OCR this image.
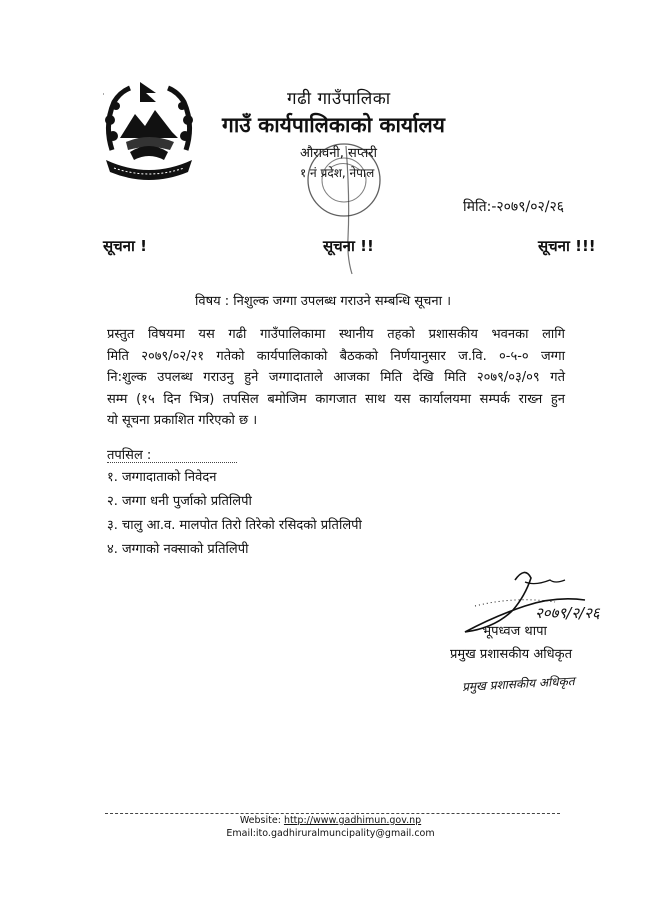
˙	गढी गाउँपालिका
गाउँ कार्यपालिकाको कार्यालय
औरावनी, सप्तरी
१ नं प्रदेश, नेपाल
मिति:-२०७९/०२/२६
सूचना !	सूचना !!	सूचना !!!
विषय : निशुल्क जग्गा उपलब्ध गराउने सम्बन्धि सूचना ।
प्रस्तुत विषयमा यस गढी गाउँपालिकामा स्थानीय तहको प्रशासकीय भवनका लागि
मिति २०७९/०२/२१ गतेको कार्यपालिकाको बैठकको निर्णयानुसार ज.वि. ०-५-० जग्गा
नि:शुल्क उपलब्ध गराउनु हुने जग्गादाताले आजका मिति देखि मिति २०७९/०३/०९ गते
सम्म (१५ दिन भित्र) तपसिल बमोजिम कागजात साथ यस कार्यालयमा सम्पर्क राख्न हुन
यो सूचना प्रकाशित गरिएको छ ।
तपसिल :
१. जग्गादाताको निवेदन
२. जग्गा धनी पुर्जाको प्रतिलिपी
३. चालु आ.व. मालपोत तिरो तिरेको रसिदको प्रतिलिपी
४. जग्गाको नक्साको प्रतिलिपी
२०७९/२/२६
भूपध्वज थापा
प्रमुख प्रशासकीय अधिकृत
प्रमुख प्रशासकीय अधिकृत
Website: http://www.gadhimun.gov.np
Email:ito.gadhiruralmuncipality@gmail.com
